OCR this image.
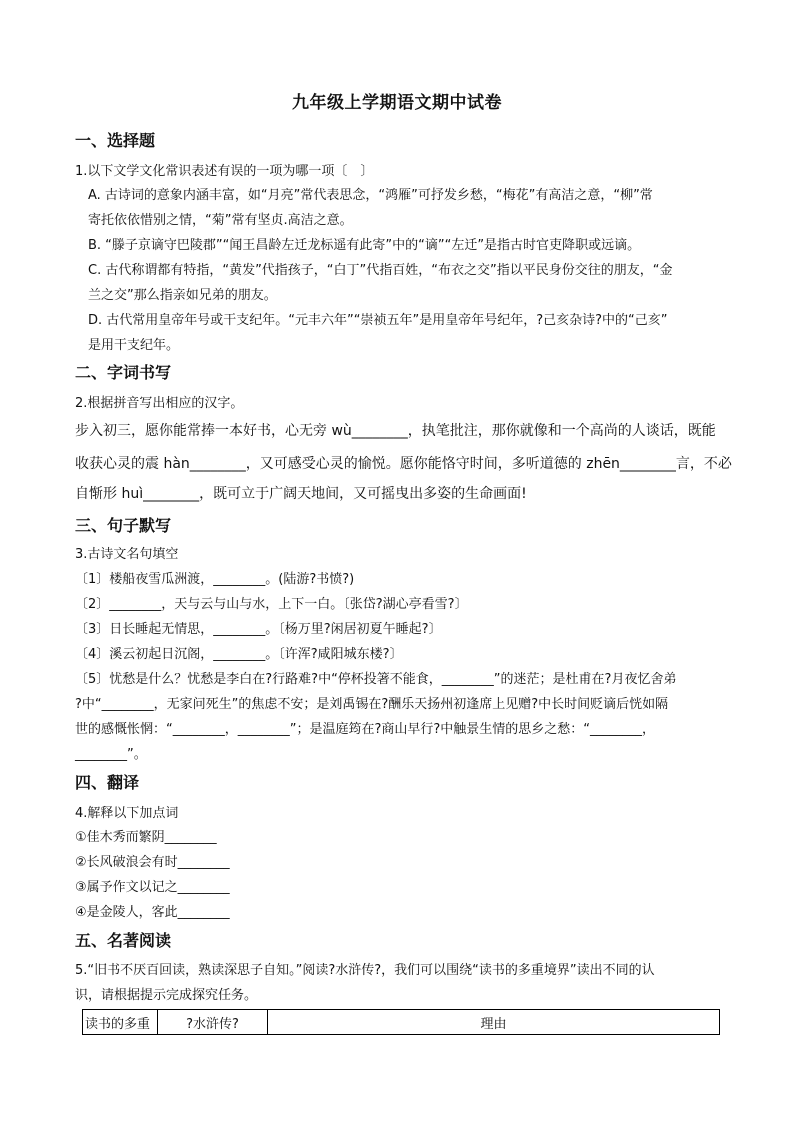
九年级上学期语文期中试卷
一、选择题
1.以下文学文化常识表述有误的一项为哪一项〔　〕
A. 古诗词的意象内涵丰富，如“月亮”常代表思念，“鸿雁”可抒发乡愁，“梅花”有高洁之意，“柳”常
寄托依依惜别之情，“菊”常有坚贞.高洁之意。
B. “滕子京谪守巴陵郡”“闻王昌龄左迁龙标遥有此寄”中的“谪”“左迁”是指古时官吏降职或远谪。
C. 古代称谓都有特指，“黄发”代指孩子，“白丁”代指百姓，“布衣之交”指以平民身份交往的朋友，“金
兰之交”那么指亲如兄弟的朋友。
D. 古代常用皇帝年号或干支纪年。“元丰六年”“崇祯五年”是用皇帝年号纪年，?己亥杂诗?中的“己亥”
是用干支纪年。
二、字词书写
2.根据拼音写出相应的汉字。
步入初三，愿你能常捧一本好书，心无旁 wù________，执笔批注，那你就像和一个高尚的人谈话，既能
收获心灵的震 hàn________，又可感受心灵的愉悦。愿你能恪守时间，多听道德的 zhēn________言，不必
自惭形 huì________，既可立于广阔天地间，又可摇曳出多姿的生命画面!
三、句子默写
3.古诗文名句填空
〔1〕楼船夜雪瓜洲渡，________。(陆游?书愤?)
〔2〕________，天与云与山与水，上下一白。〔张岱?湖心亭看雪?〕
〔3〕日长睡起无情思，________。〔杨万里?闲居初夏午睡起?〕
〔4〕溪云初起日沉阁，________。〔许浑?咸阳城东楼?〕
〔5〕忧愁是什么？忧愁是李白在?行路难?中“停杯投箸不能食，________”的迷茫；是杜甫在?月夜忆舍弟
?中“________，无家问死生”的焦虑不安；是刘禹锡在?酬乐天扬州初逢席上见赠?中长时间贬谪后恍如隔
世的感慨怅惘：“________，________”；是温庭筠在?商山早行?中触景生情的思乡之愁：“________，
________”。
四、翻译
4.解释以下加点词
①佳木秀而繁阴________
②长风破浪会有时________
③属予作文以记之________
④是金陵人，客此________
五、名著阅读
5.“旧书不厌百回读，熟读深思子自知。”阅读?水浒传?，我们可以围绕“读书的多重境界”读出不同的认
识，请根据提示完成探究任务。
读书的多重	?水浒传?	理由
